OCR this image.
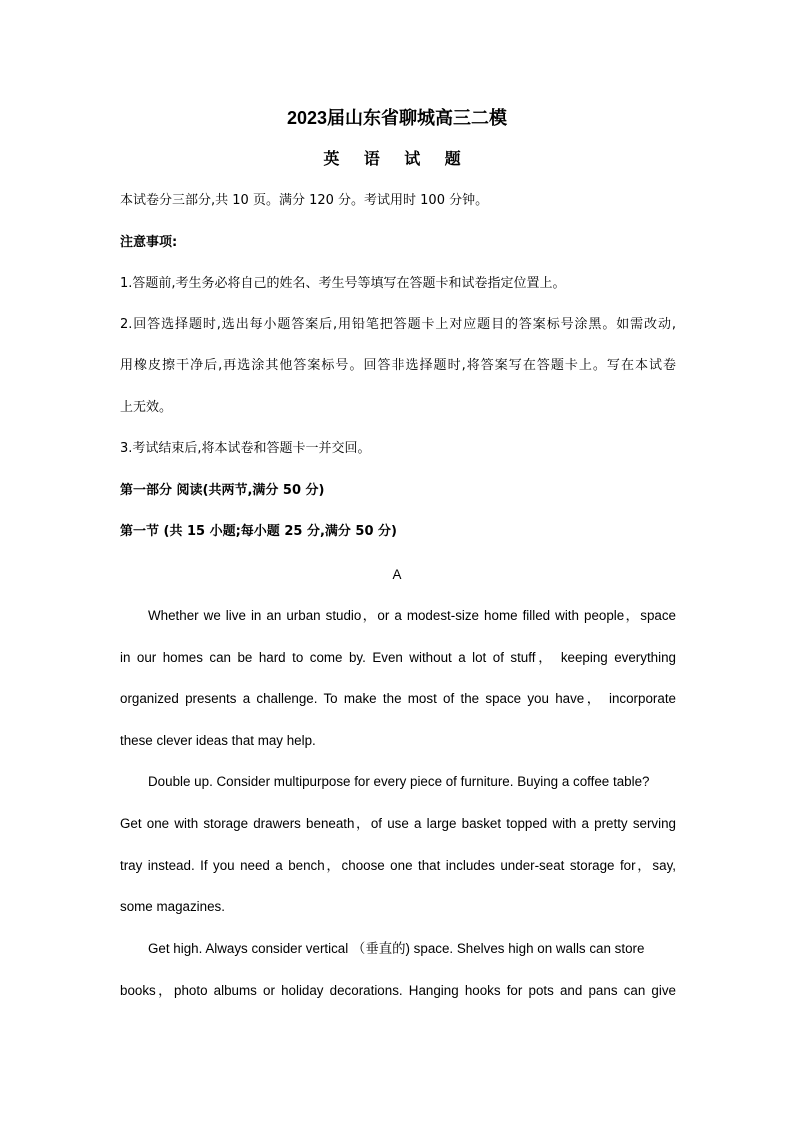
2023届山东省聊城高三二模
英 语 试 题
本试卷分三部分,共 10 页。满分 120 分。考试用时 100 分钟。
注意事项:
1.答题前,考生务必将自己的姓名、考生号等填写在答题卡和试卷指定位置上。
2.回答选择题时,选出每小题答案后,用铅笔把答题卡上对应题目的答案标号涂黑。如需改动,
用橡皮擦干净后,再选涂其他答案标号。回答非选择题时,将答案写在答题卡上。写在本试卷
上无效。
3.考试结束后,将本试卷和答题卡一并交回。
第一部分 阅读(共两节,满分 50 分)
第一节 (共 15 小题;每小题 25 分,满分 50 分)
A
Whether we live in an urban studio，or a modest-size home filled with people，space
in our homes can be hard to come by. Even without a lot of stuff， keeping everything
organized presents a challenge. To make the most of the space you have， incorporate
these clever ideas that may help.
Double up. Consider multipurpose for every piece of furniture. Buying a coffee table?
Get one with storage drawers beneath，of use a large basket topped with a pretty serving
tray instead. If you need a bench，choose one that includes under-seat storage for，say,
some magazines.
Get high. Always consider vertical （垂直的) space. Shelves high on walls can store
books，photo albums or holiday decorations. Hanging hooks for pots and pans can give
